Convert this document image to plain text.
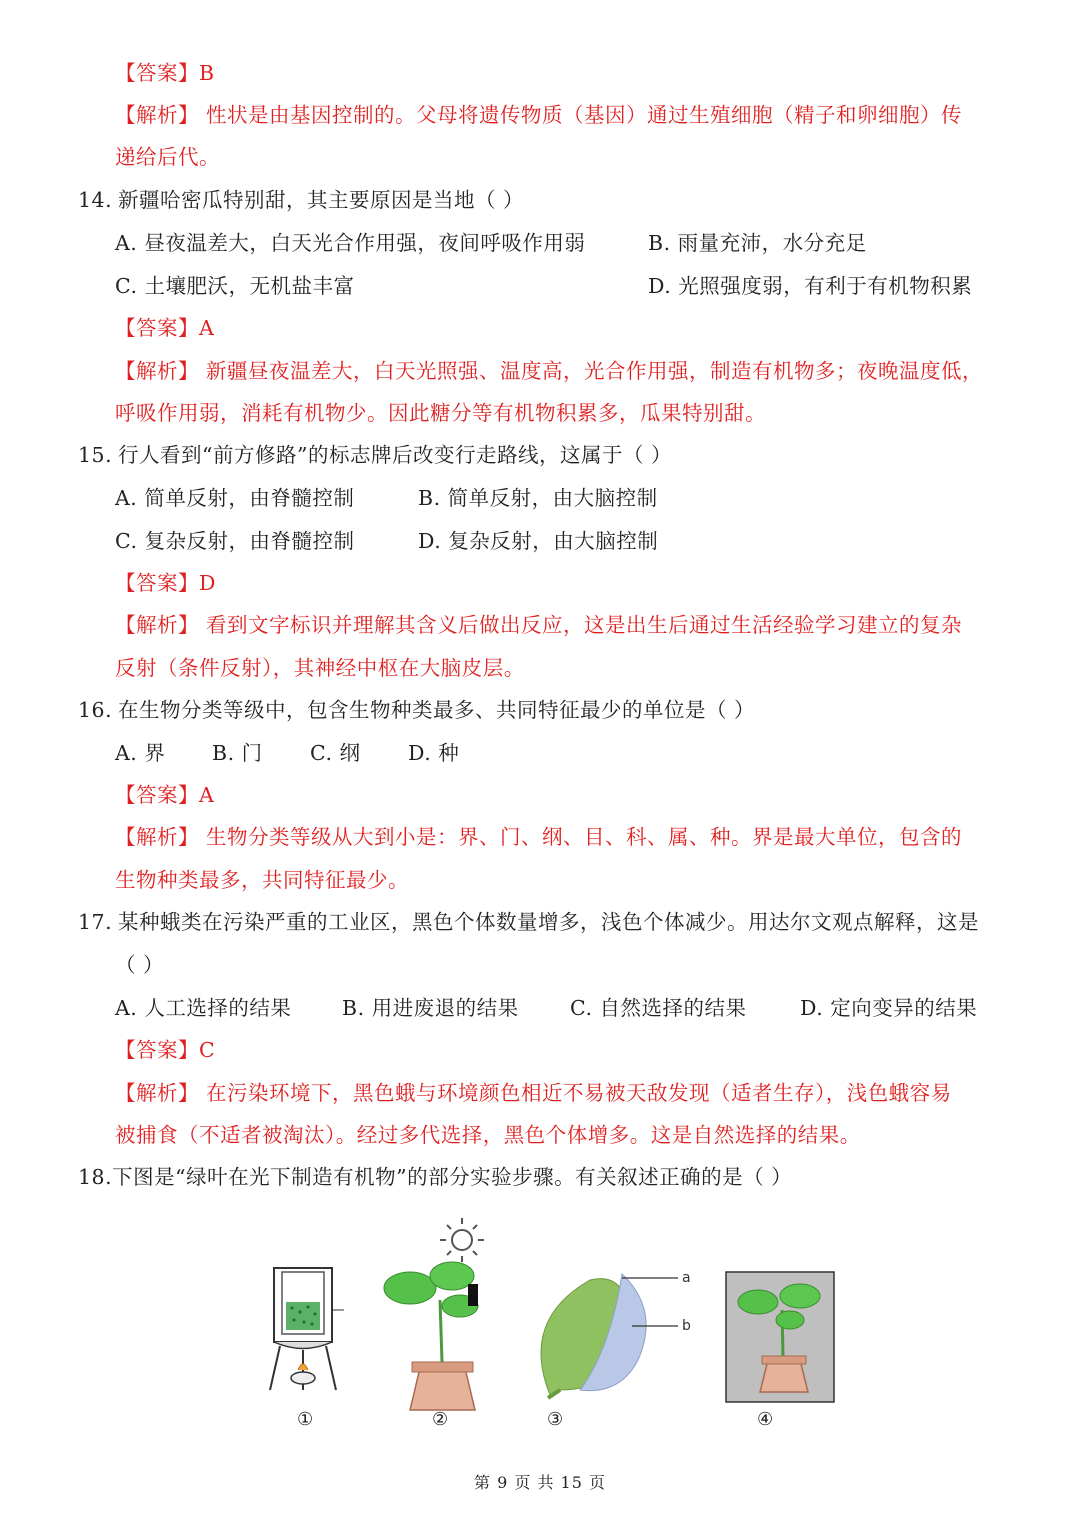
【答案】B
【解析】 性状是由基因控制的。父母将遗传物质（基因）通过生殖细胞（精子和卵细胞）传
递给后代。
14. 新疆哈密瓜特别甜，其主要原因是当地（ ）
A. 昼夜温差大，白天光合作用强，夜间呼吸作用弱	B. 雨量充沛，水分充足
C. 土壤肥沃，无机盐丰富	D. 光照强度弱，有利于有机物积累
【答案】A
【解析】 新疆昼夜温差大，白天光照强、温度高，光合作用强，制造有机物多；夜晚温度低，
呼吸作用弱，消耗有机物少。因此糖分等有机物积累多，瓜果特别甜。
15. 行人看到“前方修路”的标志牌后改变行走路线，这属于（ ）
A. 简单反射，由脊髓控制	B. 简单反射，由大脑控制
C. 复杂反射，由脊髓控制	D. 复杂反射，由大脑控制
【答案】D
【解析】 看到文字标识并理解其含义后做出反应，这是出生后通过生活经验学习建立的复杂
反射（条件反射），其神经中枢在大脑皮层。
16. 在生物分类等级中，包含生物种类最多、共同特征最少的单位是（ ）
A. 界 B. 门 C. 纲 D. 种
【答案】A
【解析】 生物分类等级从大到小是：界、门、纲、目、科、属、种。界是最大单位，包含的
生物种类最多，共同特征最少。
17. 某种蛾类在污染严重的工业区，黑色个体数量增多，浅色个体减少。用达尔文观点解释，这是
（ ）
A. 人工选择的结果 B. 用进废退的结果	C. 自然选择的结果	D. 定向变异的结果
【答案】C
【解析】 在污染环境下，黑色蛾与环境颜色相近不易被天敌发现（适者生存），浅色蛾容易
被捕食（不适者被淘汰）。经过多代选择，黑色个体增多。这是自然选择的结果。
18.下图是“绿叶在光下制造有机物”的部分实验步骤。有关叙述正确的是（ ）
a
b
①	②	③	④
第 9 页 共 15 页
